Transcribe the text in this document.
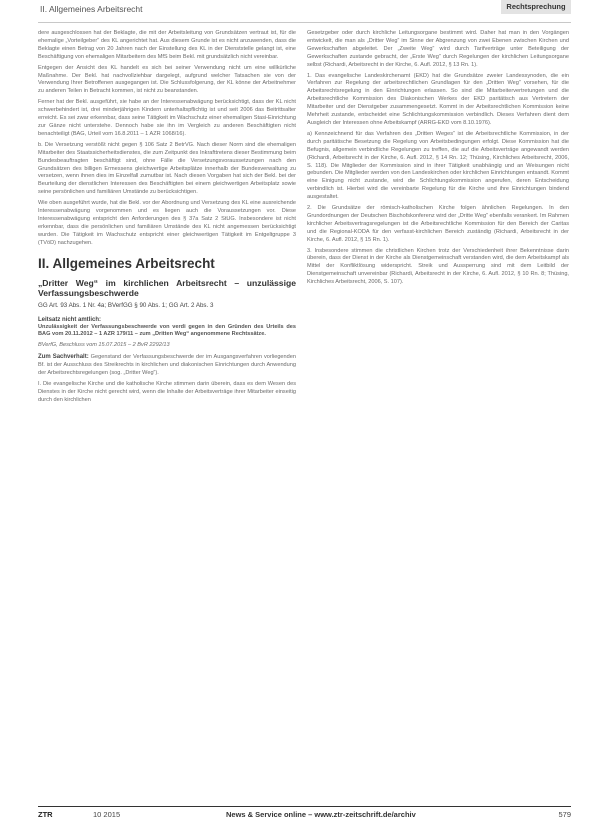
II. Allgemeines Arbeitsrecht	Rechtsprechung

dere ausgeschlossen hat der Beklagte, die mit der Arbeitsleitung von Grundsätzen vertraut ist, für die ehemalige „Vorteilgeber“ des KL angerichtet hat. Aus diesem Grunde ist es nicht anzuwenden, dass die Beklagte einen Betrag von 20 Jahren nach der Einstellung des KL in der Dienststelle gelangt ist, eine Beschäftigung von ehemaligen Mitarbeitern des MfS beim Bekl. mit grundsätzlich nicht vereinbar.

Entgegen der Ansicht des KL handelt es sich bei seiner Verwendung nicht um eine willkürliche Maßnahme. Der Bekl. hat nachvollziehbar dargelegt, aufgrund welcher Tatsachen sie von der Verwendung Ihrer Betroffenen ausgegangen ist. Die Schlussfolgerung, der KL könne der Arbeitnehmer zu anderen Teilen in Betracht kommen, ist nicht zu beanstanden.

Ferner hat der Bekl. ausgeführt, sie habe an der Interessenabwägung berücksichtigt, dass der KL nicht schwerbehindert ist, drei minderjährigen Kindern unterhaltspflichtig ist und seit 2006 das Beitrittsalter erreicht. Es sei zwar erkennbar, dass seine Tätigkeit im Wachschutz einer ehemaligen Stasi-Einrichtung zur Gänze nicht unterstehe. Dennoch habe sie ihn im Vergleich zu anderen Beschäftigten nicht benachteiligt (BAG, Urteil vom 16.8.2011 – 1 AZR 1068/16).

b. Die Versetzung verstößt nicht gegen § 106 Satz 2 BetrVG. Nach dieser Norm sind die ehemaligen Mitarbeiter des Staatssicherheitsdienstes, die zum Zeitpunkt des Inkrafttretens dieser Bestimmung beim Bundesbeauftragten beschäftigt sind, ohne Fälle die Versetzungsvoraussetzungen nach den Grundsätzen des billigen Ermessens gleichwertige Arbeitsplätze innerhalb der Bundesverwaltung zu versetzen, wenn ihnen dies im Einzelfall zumutbar ist. Nach diesen Vorgaben hat sich der Bekl. bei der Beurteilung der dienstlichen Interessen des Beschäftigten bei einem gleichwertigen Arbeitsplatz sowie seine persönlichen und familiären Umstände zu berücksichtigen.

Wie oben ausgeführt wurde, hat die Bekl. vor der Abordnung und Versetzung des KL eine ausreichende Interessenabwägung vorgenommen und es liegen auch die Voraussetzungen vor. Diese Interessenabwägung entspricht den Anforderungen des § 37a Satz 2 StUG. Insbesondere ist nicht erkennbar, dass die persönlichen und familiären Umstände des KL nicht angemessen berücksichtigt wurden. Die Tätigkeit im Wachschutz entspricht einer gleichwertigen Tätigkeit im Entgeltgruppe 3 (TVöD) nachzugehen.

II. Allgemeines Arbeitsrecht
„Dritter Weg“ im kirchlichen Arbeitsrecht – unzulässige Verfassungsbeschwerde
GG Art. 93 Abs. 1 Nr. 4a; BVerfGG § 90 Abs. 1; GG Art. 2 Abs. 3
Leitsatz nicht amtlich:

Unzulässigkeit der Verfassungsbeschwerde von verdi gegen in den Gründen des Urteils des BAG vom 20.11.2012 – 1 AZR 179/11 – zum „Dritten Weg“ angenommene Rechtssätze.

BVerfG, Beschluss vom 15.07.2015 – 2 BvR 2292/13

Zum Sachverhalt: Gegenstand der Verfassungsbeschwerde der im Ausgangsverfahren vorliegenden Bf. ist der Ausschluss des Streikrechts in kirchlichen und diakonischen Einrichtungen durch Anwendung der Arbeitsrechtsregelungen (sog. „Dritter Weg“).

I. Die evangelische Kirche und die katholische Kirche stimmen darin überein, dass es dem Wesen des Dienstes in der Kirche nicht gerecht wird, wenn die Inhalte der Arbeitsverträge ihrer Mitarbeiter einseitig durch den kirchlichen

Gesetzgeber oder durch kirchliche Leitungsorgane bestimmt wird. Daher hat man in den Vorgängen entwickelt, die man als „Dritter Weg“ im Sinne der Abgrenzung von zwei Ebenen zwischen Kirchen und Gewerkschaften abgeleitet. Der „Zweite Weg“ wird durch Tarifverträge unter Beteiligung der Gewerkschaften zustande gebracht, der „Erste Weg“ durch Regelungen der kirchlichen Leitungsorgane selbst (Richardi, Arbeitsrecht in der Kirche, 6. Aufl. 2012, § 13 Rn. 1).

1. Das evangelische Landeskirchenamt (EKD) hat die Grundsätze zweier Landessynoden, die ein Verfahren zur Regelung der arbeitsrechtlichen Grundlagen für den „Dritten Weg“ vorsehen, für die Arbeitsrechtsregelung in den Einrichtungen erlassen. So sind die Mitarbeitervertretungen und die Arbeitsrechtliche Kommission des Diakonischen Werkes der EKD paritätisch aus Vertretern der Mitarbeiter und der Dienstgeber zusammengesetzt. Kommt in der Arbeitsrechtlichen Kommission keine Mehrheit zustande, entscheidet eine Schlichtungskommission verbindlich. Dieses Verfahren dient dem Ausgleich der Interessen ohne Arbeitskampf (ARRG-EKD vom 8.10.1976).

a) Kennzeichnend für das Verfahren des „Dritten Weges“ ist die Arbeitsrechtliche Kommission, in der durch paritätische Besetzung die Regelung von Arbeitsbedingungen erfolgt. Diese Kommission hat die Befugnis, allgemein verbindliche Regelungen zu treffen, die auf die Arbeitsverträge angewandt werden (Richardi, Arbeitsrecht in der Kirche, 6. Aufl. 2012, § 14 Rn. 12; Thüsing, Kirchliches Arbeitsrecht, 2006, S. 118). Die Mitglieder der Kommission sind in ihrer Tätigkeit unabhängig und an Weisungen nicht gebunden. Die Mitglieder werden von den Landeskirchen oder kirchlichen Einrichtungen entsandt. Kommt eine Einigung nicht zustande, wird die Schlichtungskommission angerufen, deren Entscheidung verbindlich ist. Hierbei wird die vereinbarte Regelung für die Kirche und ihre Einrichtungen bindend ausgestaltet.

2. Die Grundsätze der römisch-katholischen Kirche folgen ähnlichen Regelungen. In den Grundordnungen der Deutschen Bischofskonferenz wird der „Dritte Weg“ ebenfalls verankert. Im Rahmen kirchlicher Arbeitsvertragsregelungen ist die Arbeitsrechtliche Kommission für den Bereich der Caritas und die Regional-KODA für den verfasst-kirchlichen Bereich zuständig (Richardi, Arbeitsrecht in der Kirche, 6. Aufl. 2012, § 15 Rn. 1).

3. Insbesondere stimmen die christlichen Kirchen trotz der Verschiedenheit ihrer Bekenntnisse darin überein, dass der Dienst in der Kirche als Dienstgemeinschaft verstanden wird, die dem Arbeitskampf als Mittel der Konfliktlösung widerspricht. Streik und Aussperrung sind mit dem Leitbild der Dienstgemeinschaft unvereinbar (Richardi, Arbeitsrecht in der Kirche, 6. Aufl. 2012, § 10 Rn. 8; Thüsing, Kirchliches Arbeitsrecht, 2006, S. 107).

ZTR	10 2015	News & Service online – www.ztr-zeitschrift.de/archiv	579
